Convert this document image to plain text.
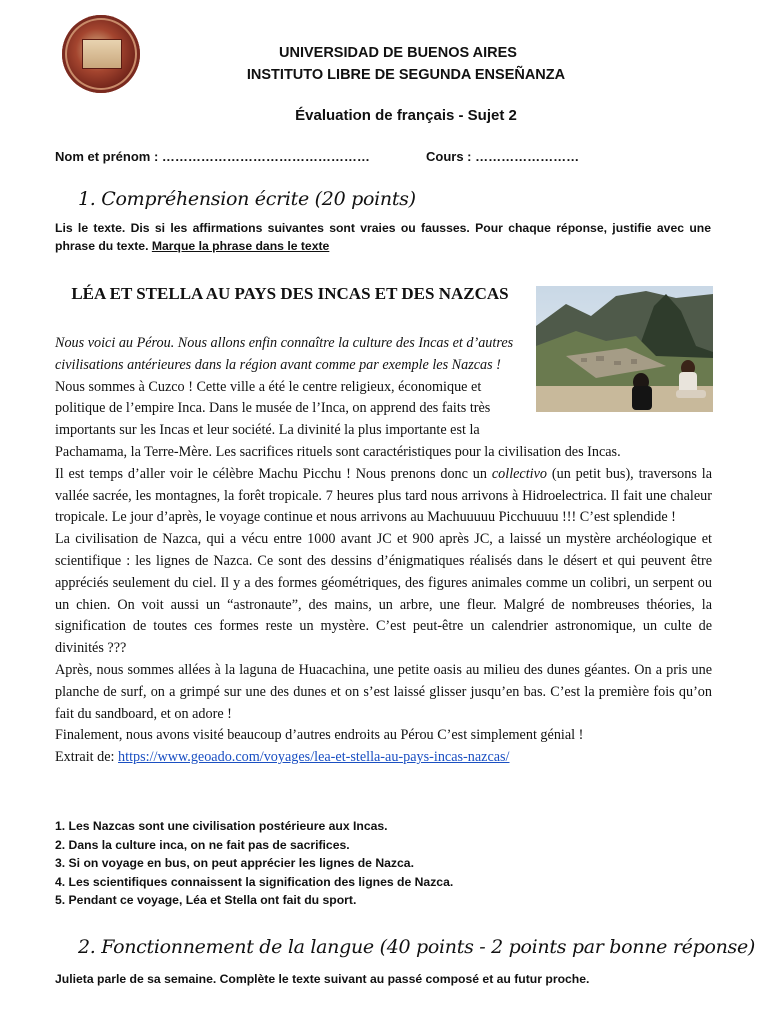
UNIVERSIDAD DE BUENOS AIRES
INSTITUTO LIBRE DE SEGUNDA ENSEÑANZA
Évaluation de français - Sujet 2
Nom et prénom : …………………………………………	Cours : ……………………
1. Compréhension écrite (20 points)
Lis le texte. Dis si les affirmations suivantes sont vraies ou fausses. Pour chaque réponse, justifie avec une phrase du texte. Marque la phrase dans le texte
LÉA ET STELLA AU PAYS DES INCAS ET DES NAZCAS
Nous voici au Pérou. Nous allons enfin connaître la culture des Incas et d’autres
civilisations antérieures dans la région avant comme par exemple les Nazcas !
Nous sommes à Cuzco ! Cette ville a été le centre religieux, économique et
politique de l’empire Inca. Dans le musée de l’Inca, on apprend des faits très
importants sur les Incas et leur société. La divinité la plus importante est la
Pachamama, la Terre-Mère. Les sacrifices rituels sont caractéristiques pour la civilisation des Incas.
Il est temps d’aller voir le célèbre Machu Picchu ! Nous prenons donc un collectivo (un petit bus), traversons la vallée sacrée, les montagnes, la forêt tropicale. 7 heures plus tard nous arrivons à Hidroelectrica. Il fait une chaleur tropicale. Le jour d’après, le voyage continue et nous arrivons au Machuuuuu Picchuuuu !!! C’est splendide !
La civilisation de Nazca, qui a vécu entre 1000 avant JC et 900 après JC, a laissé un mystère archéologique et scientifique : les lignes de Nazca. Ce sont des dessins d’énigmatiques réalisés dans le désert et qui peuvent être appréciés seulement du ciel. Il y a des formes géométriques, des figures animales comme un colibri, un serpent ou un chien. On voit aussi un “astronaute”, des mains, un arbre, une fleur. Malgré de nombreuses théories, la signification de toutes ces formes reste un mystère. C’est peut-être un calendrier astronomique, un culte de divinités ???
Après, nous sommes allées à la laguna de Huacachina, une petite oasis au milieu des dunes géantes. On a pris une planche de surf, on a grimpé sur une des dunes et on s’est laissé glisser jusqu’en bas. C’est la première fois qu’on fait du sandboard, et on adore !
Finalement, nous avons visité beaucoup d’autres endroits au Pérou C’est simplement génial !
Extrait de: https://www.geoado.com/voyages/lea-et-stella-au-pays-incas-nazcas/
1. Les Nazcas sont une civilisation postérieure aux Incas.
2. Dans la culture inca, on ne fait pas de sacrifices.
3. Si on voyage en bus, on peut apprécier les lignes de Nazca.
4. Les scientifiques connaissent la signification des lignes de Nazca.
5. Pendant ce voyage, Léa et Stella ont fait du sport.
2. Fonctionnement de la langue (40 points - 2 points par bonne réponse)
Julieta parle de sa semaine. Complète le texte suivant au passé composé et au futur proche.
